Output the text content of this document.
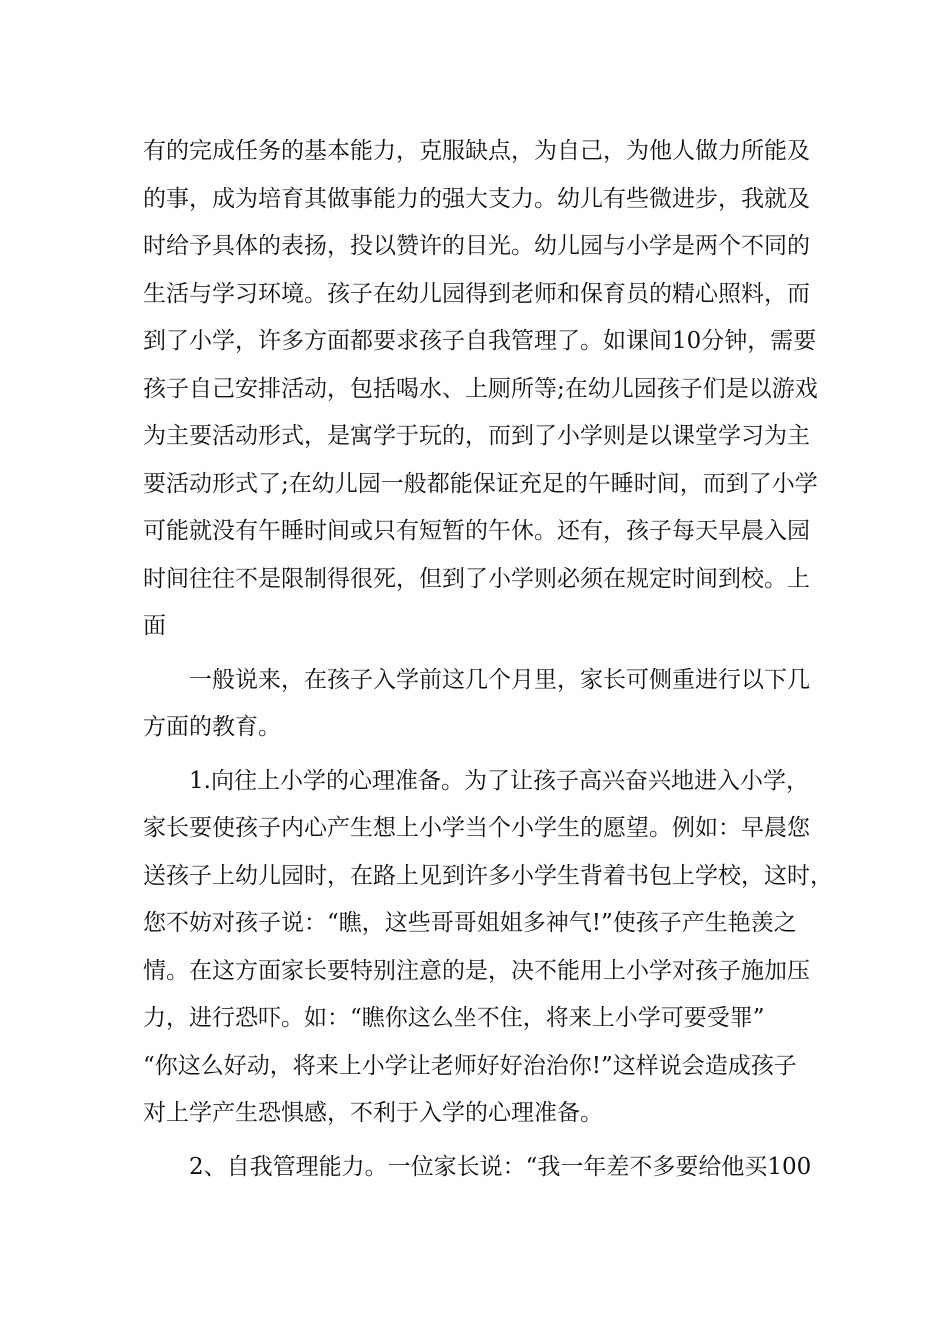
有的完成任务的基本能力，克服缺点，为自己，为他人做力所能及

的事，成为培育其做事能力的强大支力。幼儿有些微进步，我就及

时给予具体的表扬，投以赞许的目光。幼儿园与小学是两个不同的

生活与学习环境。孩子在幼儿园得到老师和保育员的精心照料，而

到了小学，许多方面都要求孩子自我管理了。如课间10分钟，需要

孩子自己安排活动，包括喝水、上厕所等;在幼儿园孩子们是以游戏

为主要活动形式，是寓学于玩的，而到了小学则是以课堂学习为主

要活动形式了;在幼儿园一般都能保证充足的午睡时间，而到了小学

可能就没有午睡时间或只有短暂的午休。还有，孩子每天早晨入园

时间往往不是限制得很死，但到了小学则必须在规定时间到校。上

面

一般说来，在孩子入学前这几个月里，家长可侧重进行以下几

方面的教育。

1.向往上小学的心理准备。为了让孩子高兴奋兴地进入小学，

家长要使孩子内心产生想上小学当个小学生的愿望。例如：早晨您

送孩子上幼儿园时，在路上见到许多小学生背着书包上学校，这时，

您不妨对孩子说：“瞧，这些哥哥姐姐多神气!”使孩子产生艳羡之

情。在这方面家长要特别注意的是，决不能用上小学对孩子施加压

力，进行恐吓。如：“瞧你这么坐不住，将来上小学可要受罪”

“你这么好动，将来上小学让老师好好治治你!”这样说会造成孩子

对上学产生恐惧感，不利于入学的心理准备。

2、自我管理能力。一位家长说：“我一年差不多要给他买100
